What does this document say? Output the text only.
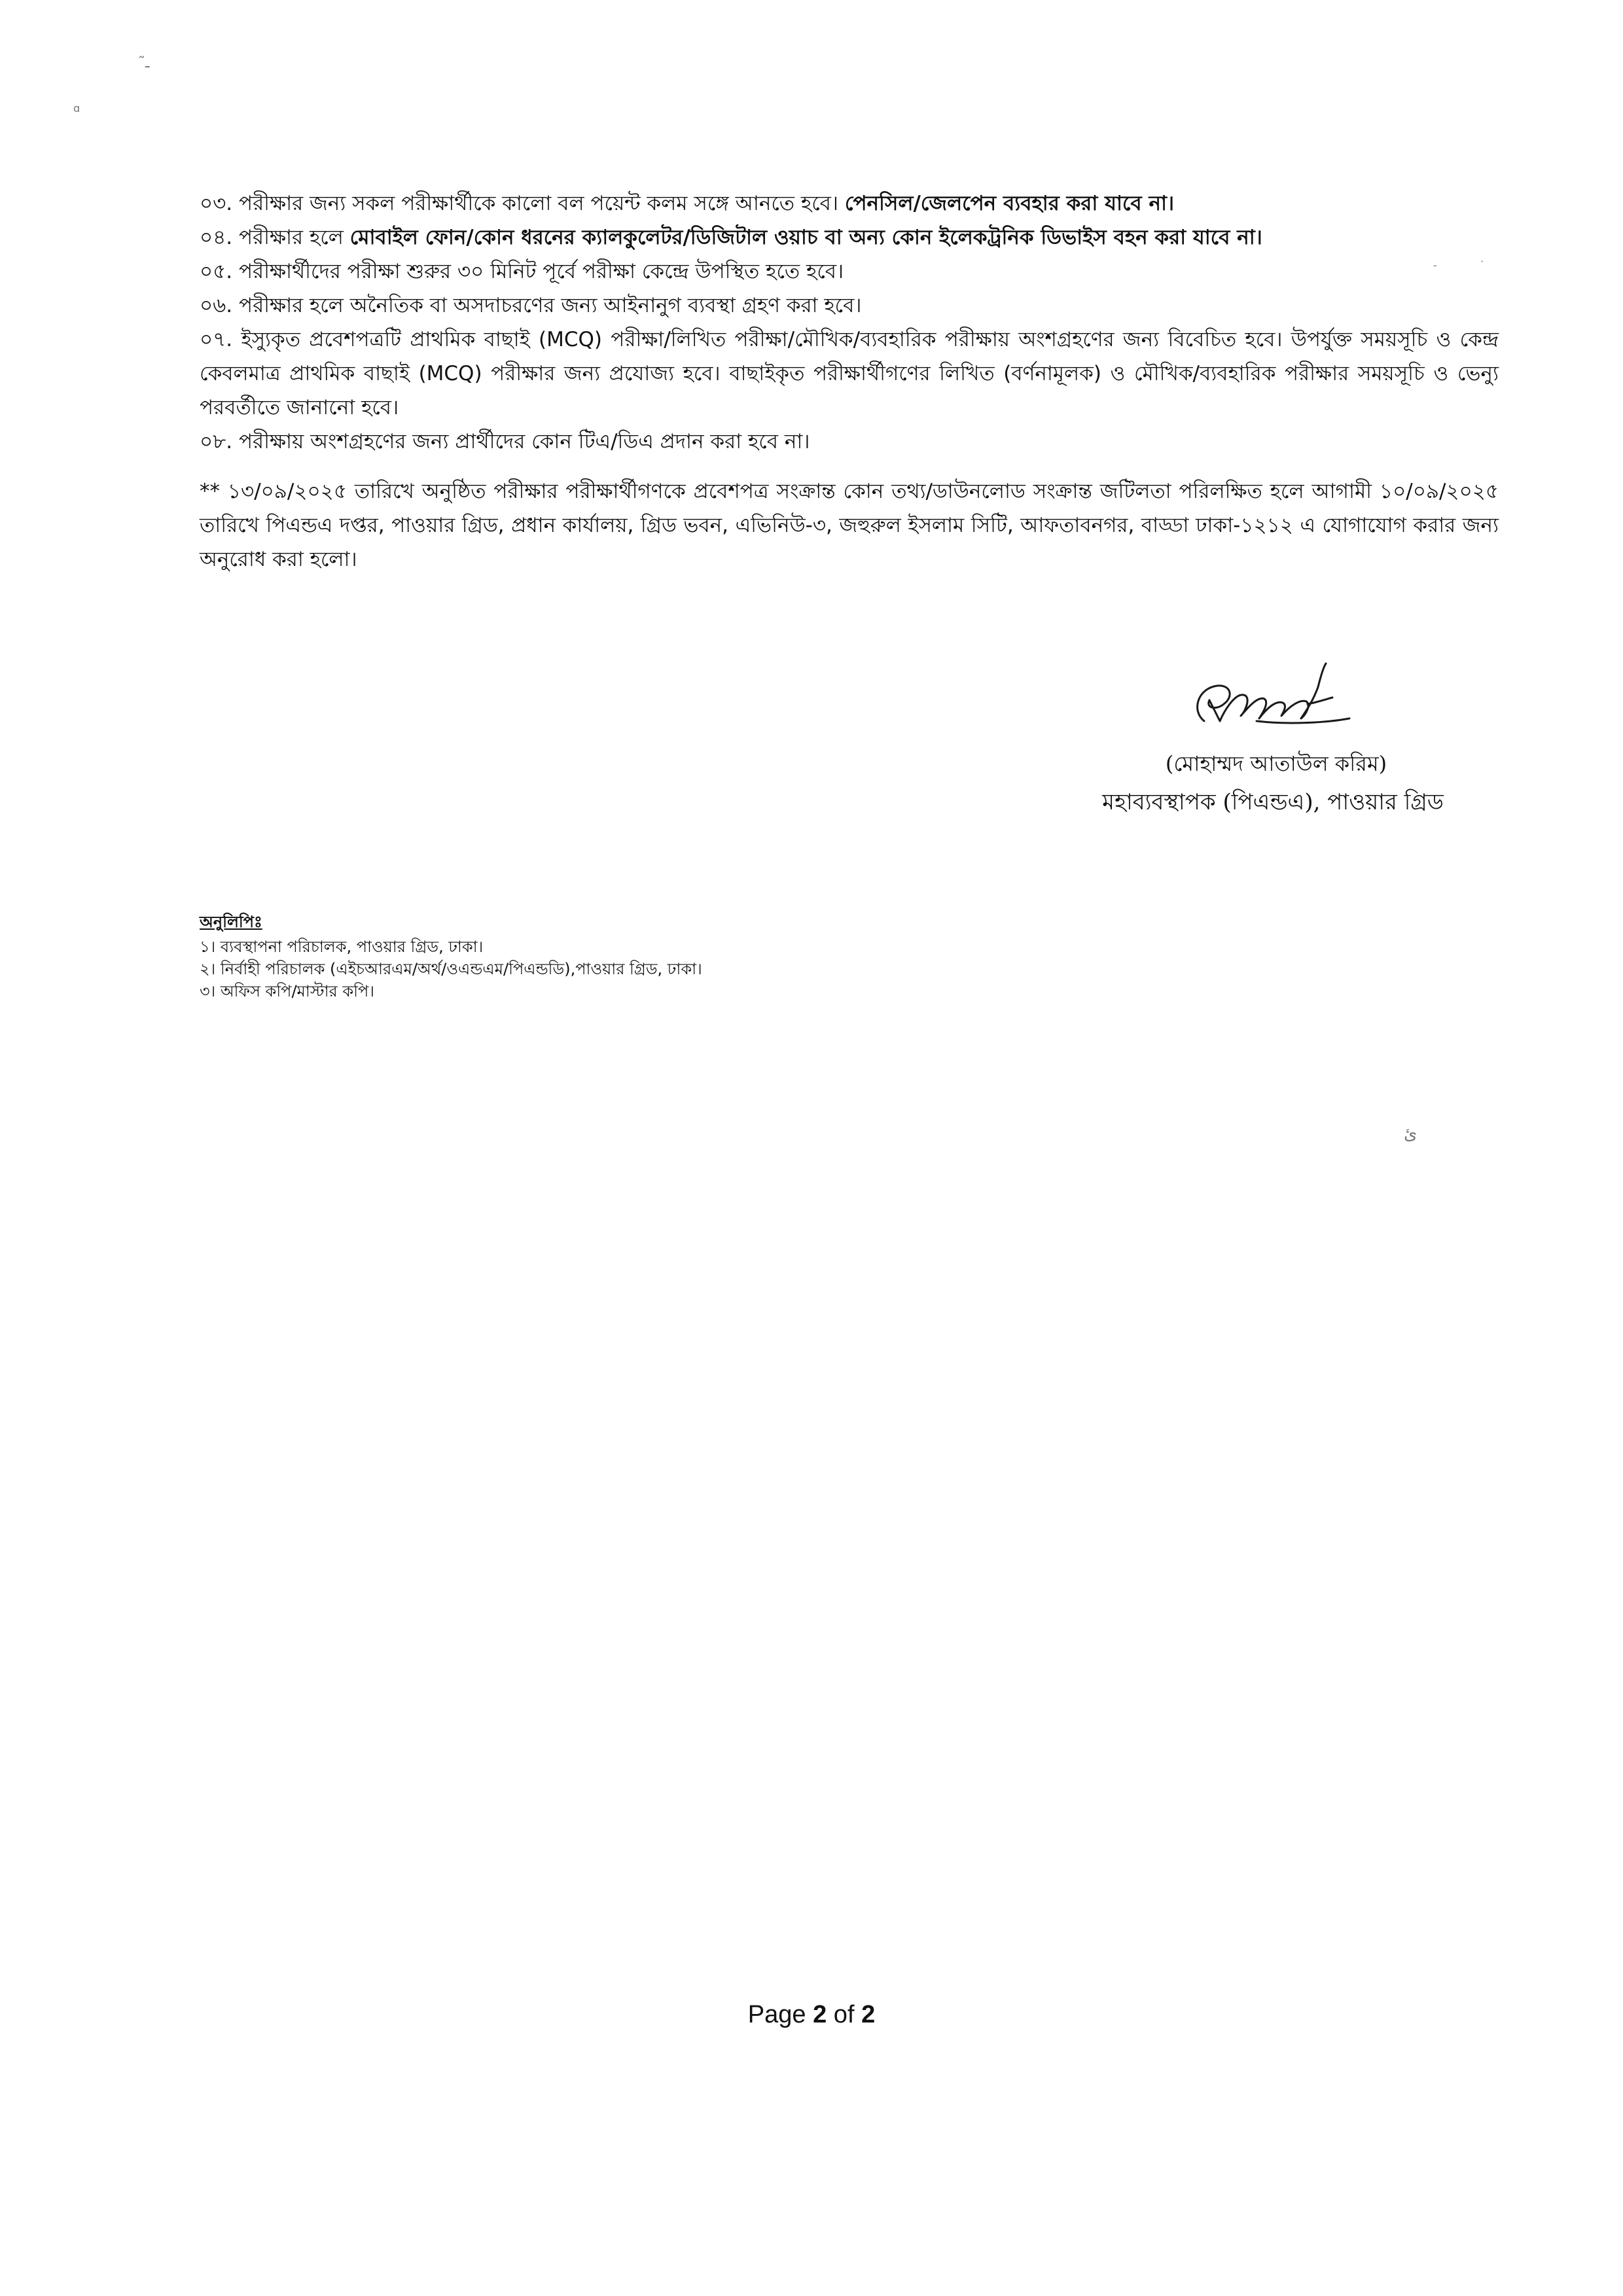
ـ̃
ɑ
·
-
ئ
০৩. পরীক্ষার জন্য সকল পরীক্ষার্থীকে কালো বল পয়েন্ট কলম সঙ্গে আনতে হবে। পেনসিল/জেলপেন ব্যবহার করা যাবে না।
০৪. পরীক্ষার হলে মোবাইল ফোন/কোন ধরনের ক্যালকুলেটর/ডিজিটাল ওয়াচ বা অন্য কোন ইলেকট্রনিক ডিভাইস বহন করা যাবে না।
০৫. পরীক্ষার্থীদের পরীক্ষা শুরুর ৩০ মিনিট পূর্বে পরীক্ষা কেন্দ্রে উপস্থিত হতে হবে।
০৬. পরীক্ষার হলে অনৈতিক বা অসদাচরণের জন্য আইনানুগ ব্যবস্থা গ্রহণ করা হবে।
০৭. ইস্যুকৃত প্রবেশপত্রটি প্রাথমিক বাছাই (MCQ) পরীক্ষা/লিখিত পরীক্ষা/মৌখিক/ব্যবহারিক পরীক্ষায় অংশগ্রহণের জন্য বিবেচিত হবে। উপর্যুক্ত সময়সূচি ও কেন্দ্র কেবলমাত্র প্রাথমিক বাছাই (MCQ) পরীক্ষার জন্য প্রযোজ্য হবে। বাছাইকৃত পরীক্ষার্থীগণের লিখিত (বর্ণনামূলক) ও মৌখিক/ব্যবহারিক পরীক্ষার সময়সূচি ও ভেন্যু পরবর্তীতে জানানো হবে।
০৮. পরীক্ষায় অংশগ্রহণের জন্য প্রার্থীদের কোন টিএ/ডিএ প্রদান করা হবে না।
** ১৩/০৯/২০২৫ তারিখে অনুষ্ঠিত পরীক্ষার পরীক্ষার্থীগণকে প্রবেশপত্র সংক্রান্ত কোন তথ্য/ডাউনলোড সংক্রান্ত জটিলতা পরিলক্ষিত হলে আগামী ১০/০৯/২০২৫ তারিখে পিএন্ডএ দপ্তর, পাওয়ার গ্রিড, প্রধান কার্যালয়, গ্রিড ভবন, এভিনিউ-৩, জহুরুল ইসলাম সিটি, আফতাবনগর, বাড্ডা ঢাকা-১২১২ এ যোগাযোগ করার জন্য অনুরোধ করা হলো।
(মোহাম্মদ আতাউল করিম)
মহাব্যবস্থাপক (পিএন্ডএ), পাওয়ার গ্রিড
অনুলিপিঃ
১। ব্যবস্থাপনা পরিচালক, পাওয়ার গ্রিড, ঢাকা।
২। নির্বাহী পরিচালক (এইচআরএম/অর্থ/ওএন্ডএম/পিএন্ডডি),পাওয়ার গ্রিড, ঢাকা।
৩। অফিস কপি/মাস্টার কপি।
Page 2 of 2
